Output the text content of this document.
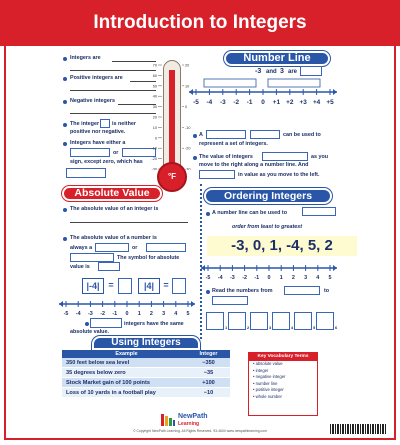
Introduction to Integers
Integers are
Positive integers are
Negative integers
The integer is neither
positive nor negative.
Integers have either a
or
sign, except zero, which has
70
60
50
40
30
20
10
0
-10
-20
-30
20
10
0
-10
-20
-30
°F
Number Line
-3 and 3 are
-5 -4 -3 -2 -1 0 +1 +2 +3 +4 +5
A	can be used to
represent a set of integers.
The value of integers	as you
move to the right along a number line. And
in value as you move to the left.
Absolute Value
The absolute value of an integer is
The absolute value of a number is
always a	or
The symbol for absolute
value is
|-4| =	|4|	=
-5 -4 -3 -2 -1 0 1 2 3 4 5
integers have the same
absolute value.
Ordering Integers
A number line can be used to
order from least to greatest
-3, 0, 1, -4, 5, 2
-5 -4 -3 -2 -1 0 1 2 3 4 5
Read the numbers from	to
1	2	3	4	5	6
Using Integers
Example	Integer
350 feet below sea level	−350
35 degrees below zero	−35
Stock Market gain of 100 points	+100
Loss of 10 yards in a football play	−10
Key Vocabulary Terms
• absolute value
• integer
• negative integer
• number line
• positive integer
• whole number
NewPath
Learning
© Copyright NewPath Learning. All Rights Reserved. 93-4604 www.newpathlearning.com
